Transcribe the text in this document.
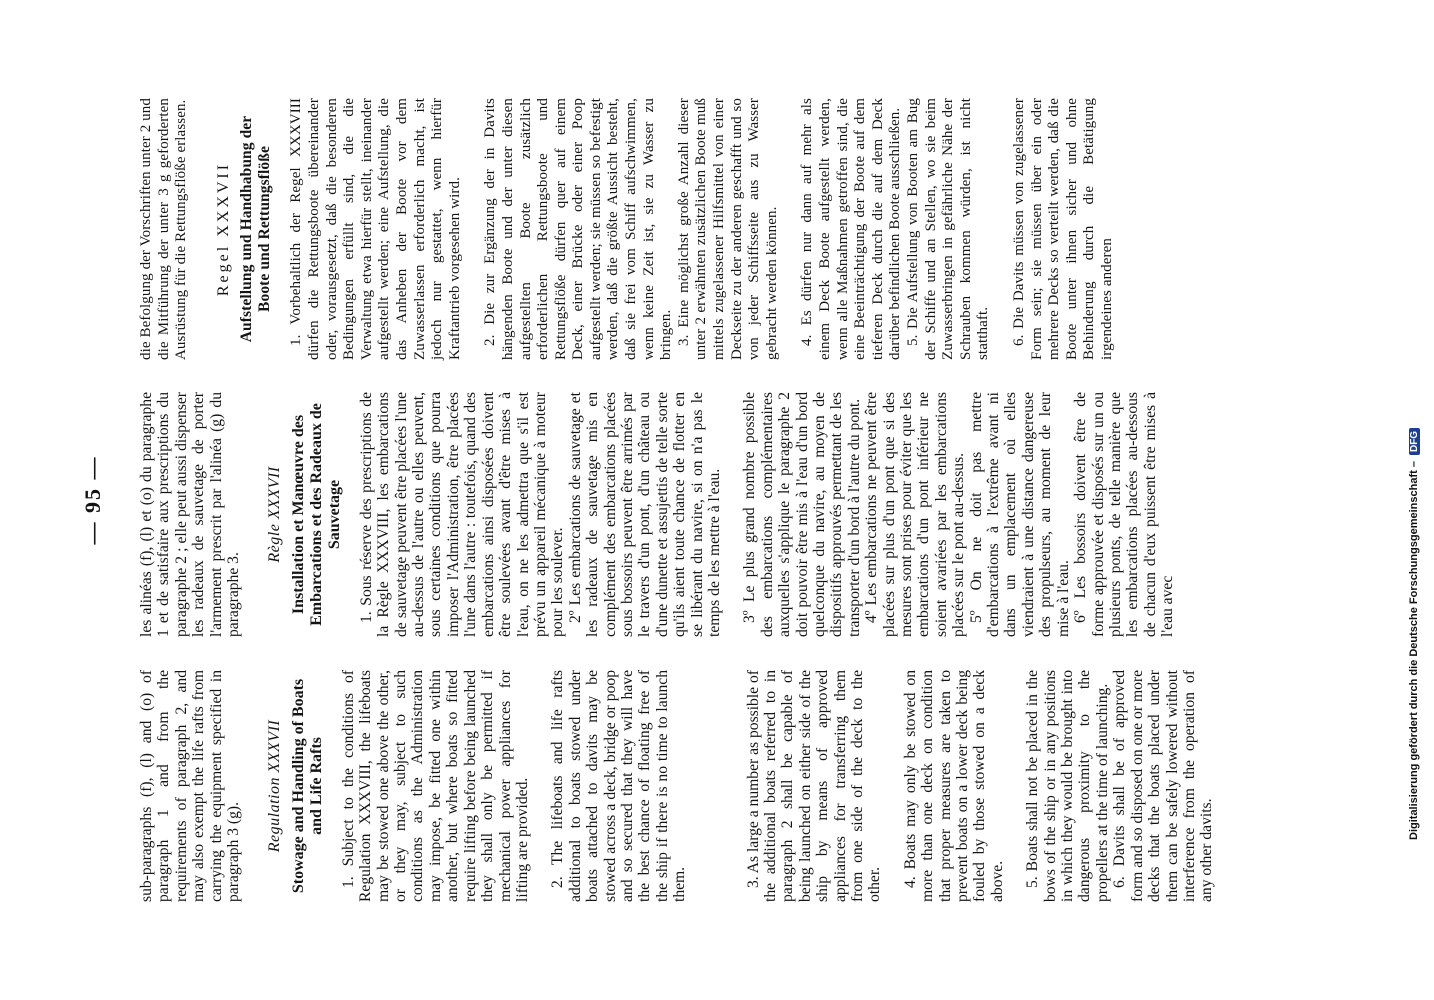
— 95 —

sub-paragraphs (f), (l) and (o) of paragraph 1 and from the requirements of paragraph 2, and may also exempt the life rafts from carrying the equipment specified in paragraph 3 (g). Regulation XXXVII Stowage and Handling of Boats and Life Rafts 1. Subject to the conditions of Regulation XXXVIII, the lifeboats may be stowed one above the other, or they may, subject to such conditions as the Administration may impose, be fitted one within another, but where boats so fitted require lifting before being launched they shall only be permitted if mechanical power appliances for lifting are provided. 2. The lifeboats and life rafts additional to boats stowed under boats attached to davits may be stowed across a deck, bridge or poop and so secured that they will have the best chance of floating free of the ship if there is no time to launch them.	3. As large a number as possible of the additional boats referred to in paragraph 2 shall be capable of being launched on either side of the ship by means of approved appliances for transferring them from one side of the deck to the other. 4. Boats may only be stowed on more than one deck on condition that proper measures are taken to prevent boats on a lower deck being fouled by those stowed on a deck above. 5. Boats shall not be placed in the bows of the ship or in any positions in which they would be brought into dangerous proximity to the propellers at the time of launching. 6. Davits shall be of approved form and so disposed on one or more decks that the boats placed under them can be safely lowered without interference from the operation of any other davits.

les alinéas (f), (l) et (o) du paragraphe 1 et de satisfaire aux prescriptions du paragraphe 2 ; elle peut aussi dispenser les radeaux de sauvetage de porter l'armement prescrit par l'alinéa (g) du paragraphe 3.

Règle XXXVII Installation et Manœuvre des Embarcations et des Radeaux de Sauvetage 1. Sous réserve des prescriptions de la Règle XXXVIII, les embarcations de sauvetage peuvent être placées l'une au-dessus de l'autre ou elles peuvent, sous certaines conditions que pourra imposer l'Administration, être placées l'une dans l'autre : toutefois, quand des embarcations ainsi disposées doivent être soulevées avant d'être mises à l'eau, on ne les admettra que s'il est prévu un appareil mécanique à moteur pour les soulever. 2º Les embarcations de sauvetage et les radeaux de sauvetage mis en complément des embarcations placées sous bossoirs peuvent être arrimés par le travers d'un pont, d'un château ou d'une dunette et assujettis de telle sorte qu'ils aient toute chance de flotter en se libérant du navire, si on n'a pas le temps de les mettre à l'eau. 3º Le plus grand nombre possible des embarcations complémentaires auxquelles s'applique le paragraphe 2 doit pouvoir être mis à l'eau d'un bord quelconque du navire, au moyen de dispositifs approuvés permettant de les transporter d'un bord à l'autre du pont. 4º Les embarcations ne peuvent être placées sur plus d'un pont que si des mesures sont prises pour éviter que les embarcations d'un pont inférieur ne soient avariées par les embarcations placées sur le pont au-dessus. 5º On ne doit pas mettre d'embarcations à l'extrême avant ni dans un emplacement où elles viendraient à une distance dangereuse des propulseurs, au moment de leur mise à l'eau. 6º Les bossoirs doivent être de forme approuvée et disposés sur un ou plusieurs ponts, de telle manière que les embarcations placées au-dessous de chacun d'eux puissent être mises à l'eau avec

die Befolgung der Vorschriften unter 2 und die Mitführung der unter 3 g geforderten Ausrüstung für die Rettungsflöße erlassen. Regel XXXVII Aufstellung und Handhabung der Boote und Rettungsflöße 1. Vorbehaltlich der Regel XXXVIII dürfen die Rettungsboote übereinander oder, vorausgesetzt, daß die besonderen Bedingungen erfüllt sind, die die Verwaltung etwa hierfür stellt, ineinander aufgestellt werden; eine Aufstellung, die das Anheben der Boote vor dem Zuwasserlassen erforderlich macht, ist jedoch nur gestattet, wenn hierfür Kraftantrieb vorgesehen wird. 2. Die zur Ergänzung der in Davits hängenden Boote und der unter diesen aufgestellten Boote zusätzlich erforderlichen Rettungsboote und Rettungsflöße dürfen quer auf einem Deck, einer Brücke oder einer Poop aufgestellt werden; sie müssen so befestigt werden, daß die größte Aussicht besteht, daß sie frei vom Schiff aufschwimmen, wenn keine Zeit ist, sie zu Wasser zu bringen. 3. Eine möglichst große Anzahl dieser unter 2 erwähnten zusätzlichen Boote muß mittels zugelassener Hilfsmittel von einer Deckseite zu der anderen geschafft und so von jeder Schiffsseite aus zu Wasser gebracht werden können. 4. Es dürfen nur dann auf mehr als einem Deck Boote aufgestellt werden, wenn alle Maßnahmen getroffen sind, die eine Beeinträchtigung der Boote auf dem tieferen Deck durch die auf dem Deck darüber befindlichen Boote ausschließen. 5. Die Aufstellung von Booten am Bug der Schiffe und an Stellen, wo sie beim Zuwasserbringen in gefährliche Nähe der Schrauben kommen würden, ist nicht statthaft. 6. Die Davits müssen von zugelassener Form sein; sie müssen über ein oder mehrere Decks so verteilt werden, daß die Boote unter ihnen sicher und ohne Behinderung durch die Betätigung irgendeines anderen

Digitalisierung gefördert durch die Deutsche Forschungsgemeinschaft –DFG
